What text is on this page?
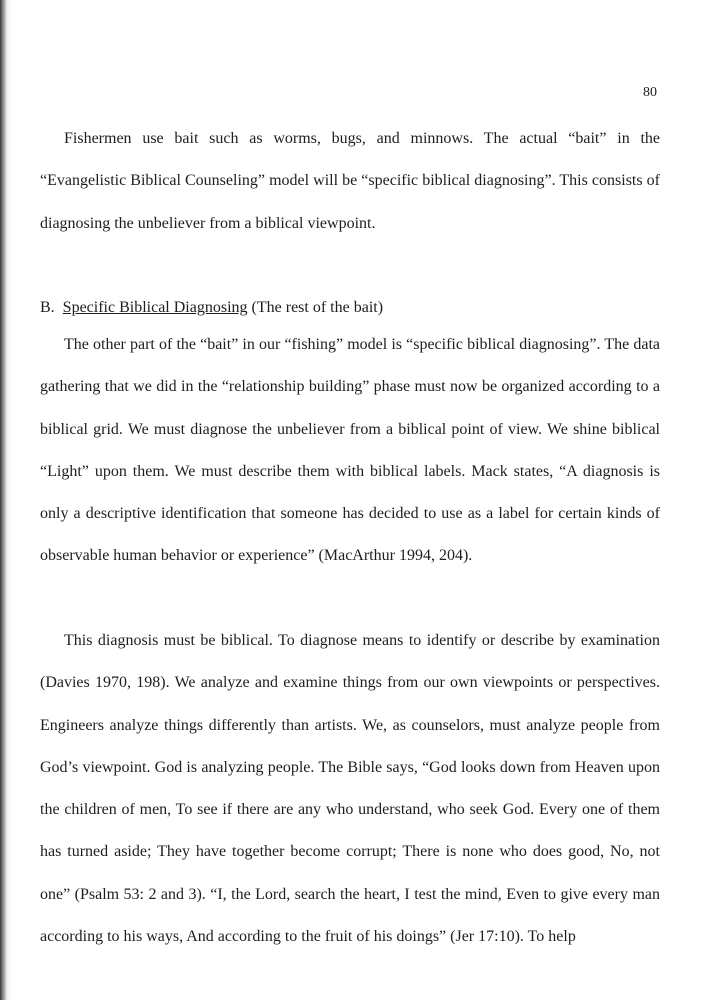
80

Fishermen use bait such as worms, bugs, and minnows. The actual “bait” in the “Evangelistic Biblical Counseling” model will be “specific biblical diagnosing”. This consists of diagnosing the unbeliever from a biblical viewpoint.

B. Specific Biblical Diagnosing (The rest of the bait)

The other part of the “bait” in our “fishing” model is “specific biblical diagnosing”. The data gathering that we did in the “relationship building” phase must now be organized according to a biblical grid. We must diagnose the unbeliever from a biblical point of view. We shine biblical “Light” upon them. We must describe them with biblical labels. Mack states, “A diagnosis is only a descriptive identification that someone has decided to use as a label for certain kinds of observable human behavior or experience” (MacArthur 1994, 204).

This diagnosis must be biblical. To diagnose means to identify or describe by examination (Davies 1970, 198). We analyze and examine things from our own viewpoints or perspectives. Engineers analyze things differently than artists. We, as counselors, must analyze people from God’s viewpoint. God is analyzing people. The Bible says, “God looks down from Heaven upon the children of men, To see if there are any who understand, who seek God. Every one of them has turned aside; They have together become corrupt; There is none who does good, No, not one” (Psalm 53: 2 and 3). “I, the Lord, search the heart, I test the mind, Even to give every man according to his ways, And according to the fruit of his doings” (Jer 17:10). To help
